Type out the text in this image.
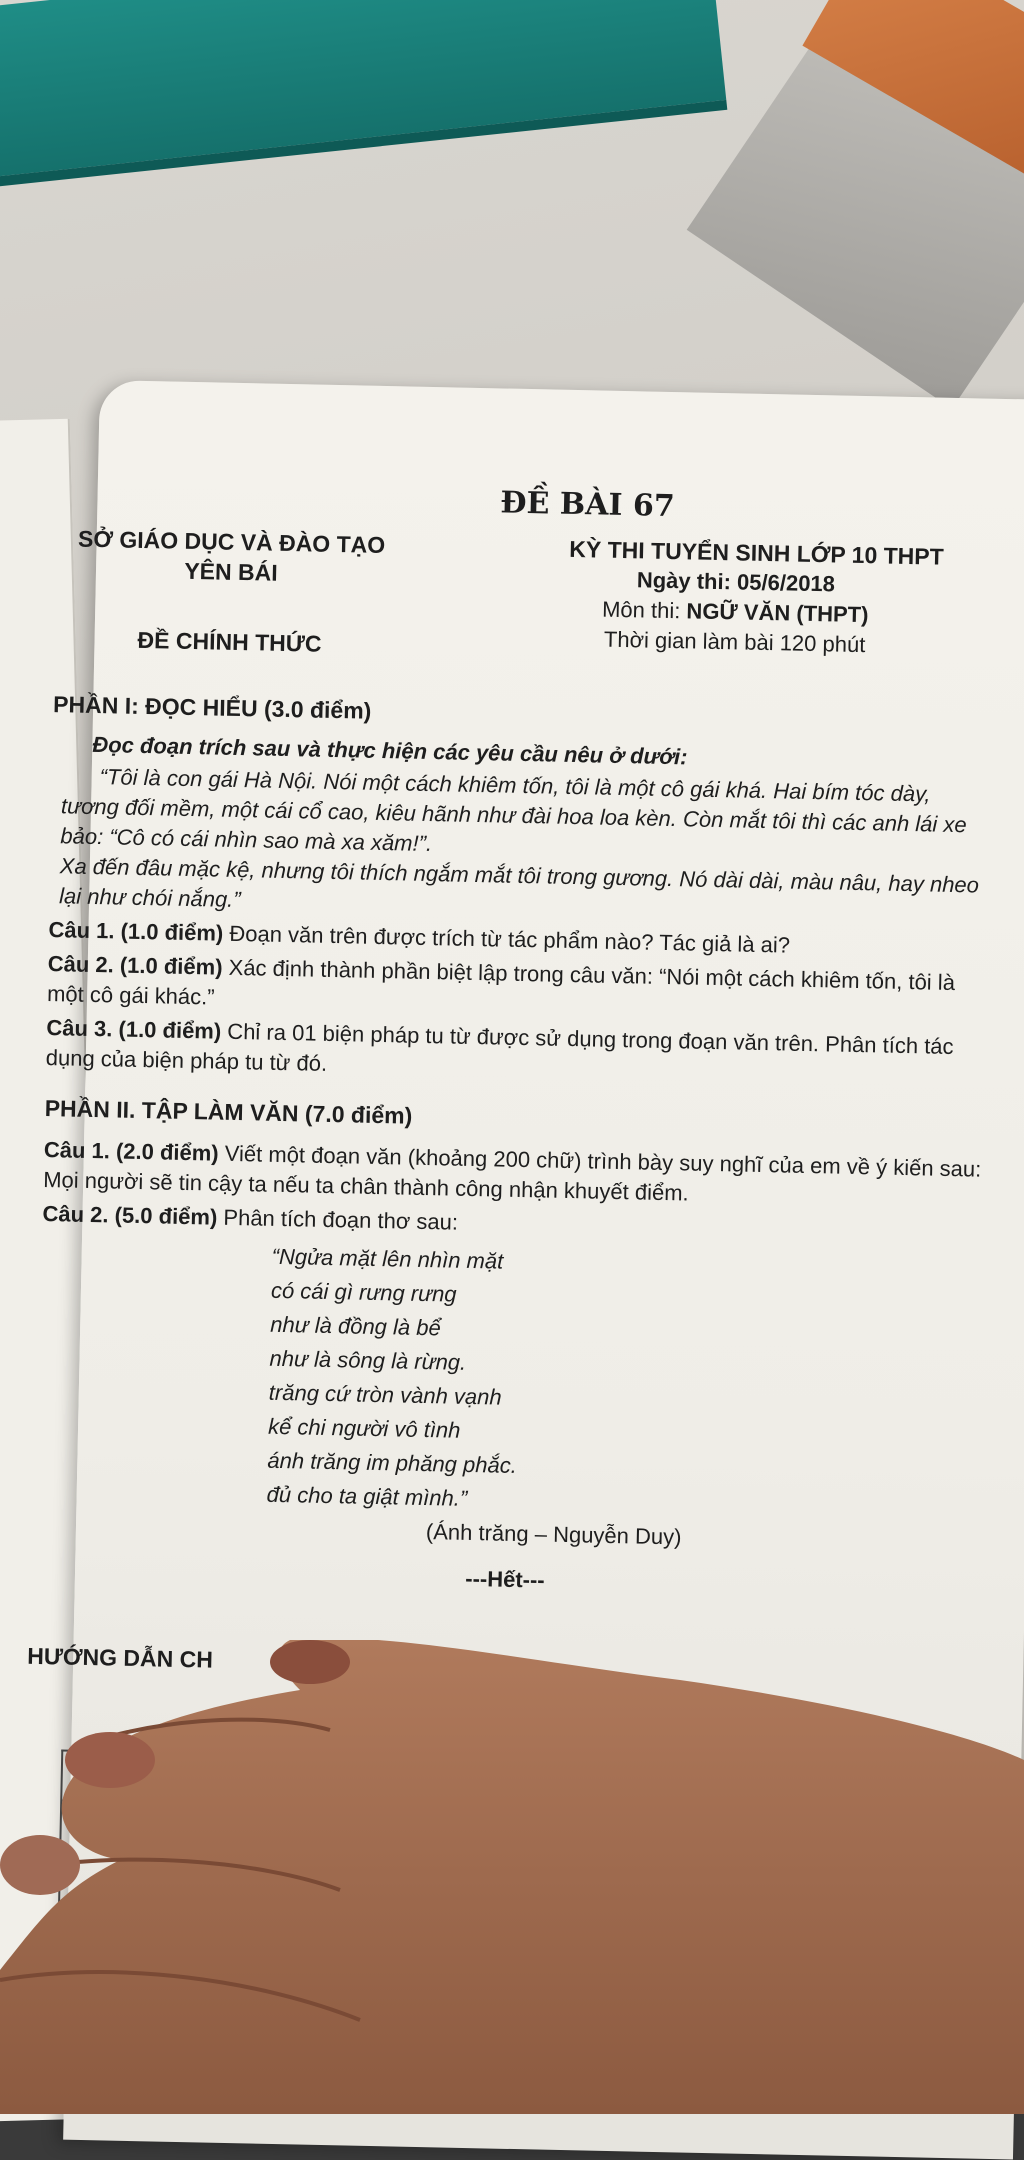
ĐỀ BÀI 67
SỞ GIÁO DỤC VÀ ĐÀO TẠO
YÊN BÁI
ĐỀ CHÍNH THỨC
KỲ THI TUYỂN SINH LỚP 10 THPT
Ngày thi: 05/6/2018
Môn thi: NGỮ VĂN (THPT)
Thời gian làm bài 120 phút
PHẦN I: ĐỌC HIỂU (3.0 điểm)
Đọc đoạn trích sau và thực hiện các yêu cầu nêu ở dưới:

“Tôi là con gái Hà Nội. Nói một cách khiêm tốn, tôi là một cô gái khá. Hai bím tóc dày, tương đối mềm, một cái cổ cao, kiêu hãnh như đài hoa loa kèn. Còn mắt tôi thì các anh lái xe bảo: “Cô có cái nhìn sao mà xa xăm!”.

Xa đến đâu mặc kệ, nhưng tôi thích ngắm mắt tôi trong gương. Nó dài dài, màu nâu, hay nheo lại như chói nắng.”

Câu 1. (1.0 điểm) Đoạn văn trên được trích từ tác phẩm nào? Tác giả là ai?
Câu 2. (1.0 điểm) Xác định thành phần biệt lập trong câu văn: “Nói một cách khiêm tốn, tôi là một cô gái khác.”
Câu 3. (1.0 điểm) Chỉ ra 01 biện pháp tu từ được sử dụng trong đoạn văn trên. Phân tích tác dụng của biện pháp tu từ đó.
PHẦN II. TẬP LÀM VĂN (7.0 điểm)
Câu 1. (2.0 điểm) Viết một đoạn văn (khoảng 200 chữ) trình bày suy nghĩ của em về ý kiến sau: Mọi người sẽ tin cậy ta nếu ta chân thành công nhận khuyết điểm.
Câu 2. (5.0 điểm) Phân tích đoạn thơ sau:
“Ngửa mặt lên nhìn mặt
có cái gì rưng rưng
như là đồng là bể
như là sông là rừng.
trăng cứ tròn vành vạnh
kể chi người vô tình
ánh trăng im phăng phắc.
đủ cho ta giật mình.”
(Ánh trăng – Nguyễn Duy)
---Hết---
HƯỚNG DẪN CH
